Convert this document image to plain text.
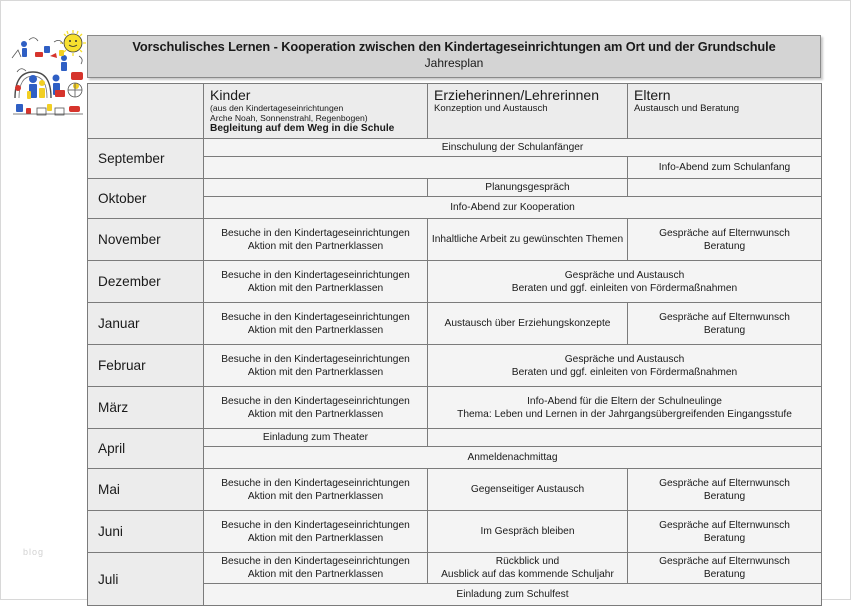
Vorschulisches Lernen - Kooperation zwischen den Kindertageseinrichtungen am Ort und der Grundschule
Jahresplan

	Kinder
(aus den Kindertageseinrichtungen
Arche Noah, Sonnenstrahl, Regenbogen)
Begleitung auf dem Weg in die Schule	Erzieherinnen/Lehrerinnen
Konzeption und Austausch	Eltern
Austausch und Beratung

September	Einschulung der Schulanfänger		
			Info-Abend zum Schulanfang
Oktober		Planungsgespräch	
	Info-Abend zur Kooperation		
November	Besuche in den Kindertageseinrichtungen
Aktion mit den Partnerklassen	Inhaltliche Arbeit zu gewünschten Themen	Gespräche auf Elternwunsch
Beratung

Dezember	Besuche in den Kindertageseinrichtungen
Aktion mit den Partnerklassen	Gespräche und Austausch
Beraten und ggf. einleiten von Fördermaßnahmen	

Januar	Besuche in den Kindertageseinrichtungen
Aktion mit den Partnerklassen	Austausch über Erziehungskonzepte	Gespräche auf Elternwunsch
Beratung

Februar	Besuche in den Kindertageseinrichtungen
Aktion mit den Partnerklassen	Gespräche und Austausch
Beraten und ggf. einleiten von Fördermaßnahmen	

März	Besuche in den Kindertageseinrichtungen
Aktion mit den Partnerklassen	Info-Abend für die Eltern der Schulneulinge
Thema: Leben und Lernen in der Jahrgangsübergreifenden Eingangsstufe	

April	Einladung zum Theater		
	Anmeldenachmittag		
Mai	Besuche in den Kindertageseinrichtungen
Aktion mit den Partnerklassen	Gegenseitiger Austausch	Gespräche auf Elternwunsch
Beratung

Juni	Besuche in den Kindertageseinrichtungen
Aktion mit den Partnerklassen	Im Gespräch bleiben	Gespräche auf Elternwunsch
Beratung

Juli	Besuche in den Kindertageseinrichtungen
Aktion mit den Partnerklassen	Rückblick und
Ausblick auf das kommende Schuljahr	Gespräche auf Elternwunsch
Beratung

	Einladung zum Schulfest		
blog
